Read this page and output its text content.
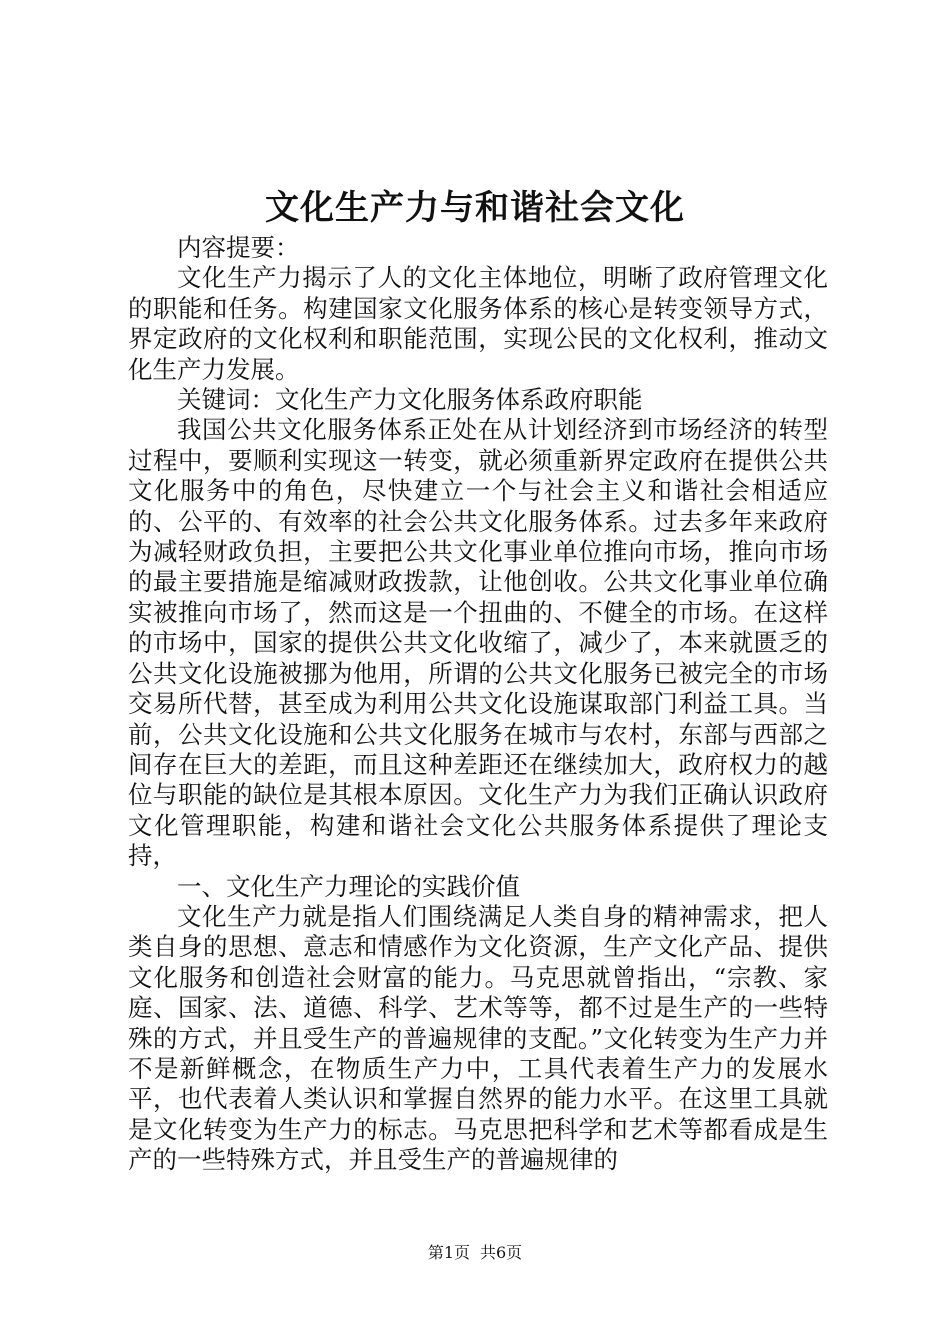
文化生产力与和谐社会文化

内容提要：

文化生产力揭示了人的文化主体地位，明晰了政府管理文化的职能和任务。构建国家文化服务体系的核心是转变领导方式，界定政府的文化权利和职能范围，实现公民的文化权利，推动文化生产力发展。

关键词：文化生产力文化服务体系政府职能

我国公共文化服务体系正处在从计划经济到市场经济的转型过程中，要顺利实现这一转变，就必须重新界定政府在提供公共文化服务中的角色，尽快建立一个与社会主义和谐社会相适应的、公平的、有效率的社会公共文化服务体系。过去多年来政府为减轻财政负担，主要把公共文化事业单位推向市场，推向市场的最主要措施是缩减财政拨款，让他创收。公共文化事业单位确实被推向市场了，然而这是一个扭曲的、不健全的市场。在这样的市场中，国家的提供公共文化收缩了，减少了，本来就匮乏的公共文化设施被挪为他用，所谓的公共文化服务已被完全的市场交易所代替，甚至成为利用公共文化设施谋取部门利益工具。当前，公共文化设施和公共文化服务在城市与农村，东部与西部之间存在巨大的差距，而且这种差距还在继续加大，政府权力的越位与职能的缺位是其根本原因。文化生产力为我们正确认识政府文化管理职能，构建和谐社会文化公共服务体系提供了理论支持，

一、文化生产力理论的实践价值

文化生产力就是指人们围绕满足人类自身的精神需求，把人类自身的思想、意志和情感作为文化资源，生产文化产品、提供文化服务和创造社会财富的能力。马克思就曾指出，“宗教、家庭、国家、法、道德、科学、艺术等等，都不过是生产的一些特殊的方式，并且受生产的普遍规律的支配。”文化转变为生产力并不是新鲜概念，在物质生产力中，工具代表着生产力的发展水平，也代表着人类认识和掌握自然界的能力水平。在这里工具就是文化转变为生产力的标志。马克思把科学和艺术等都看成是生产的一些特殊方式，并且受生产的普遍规律的

第1页 共6页
